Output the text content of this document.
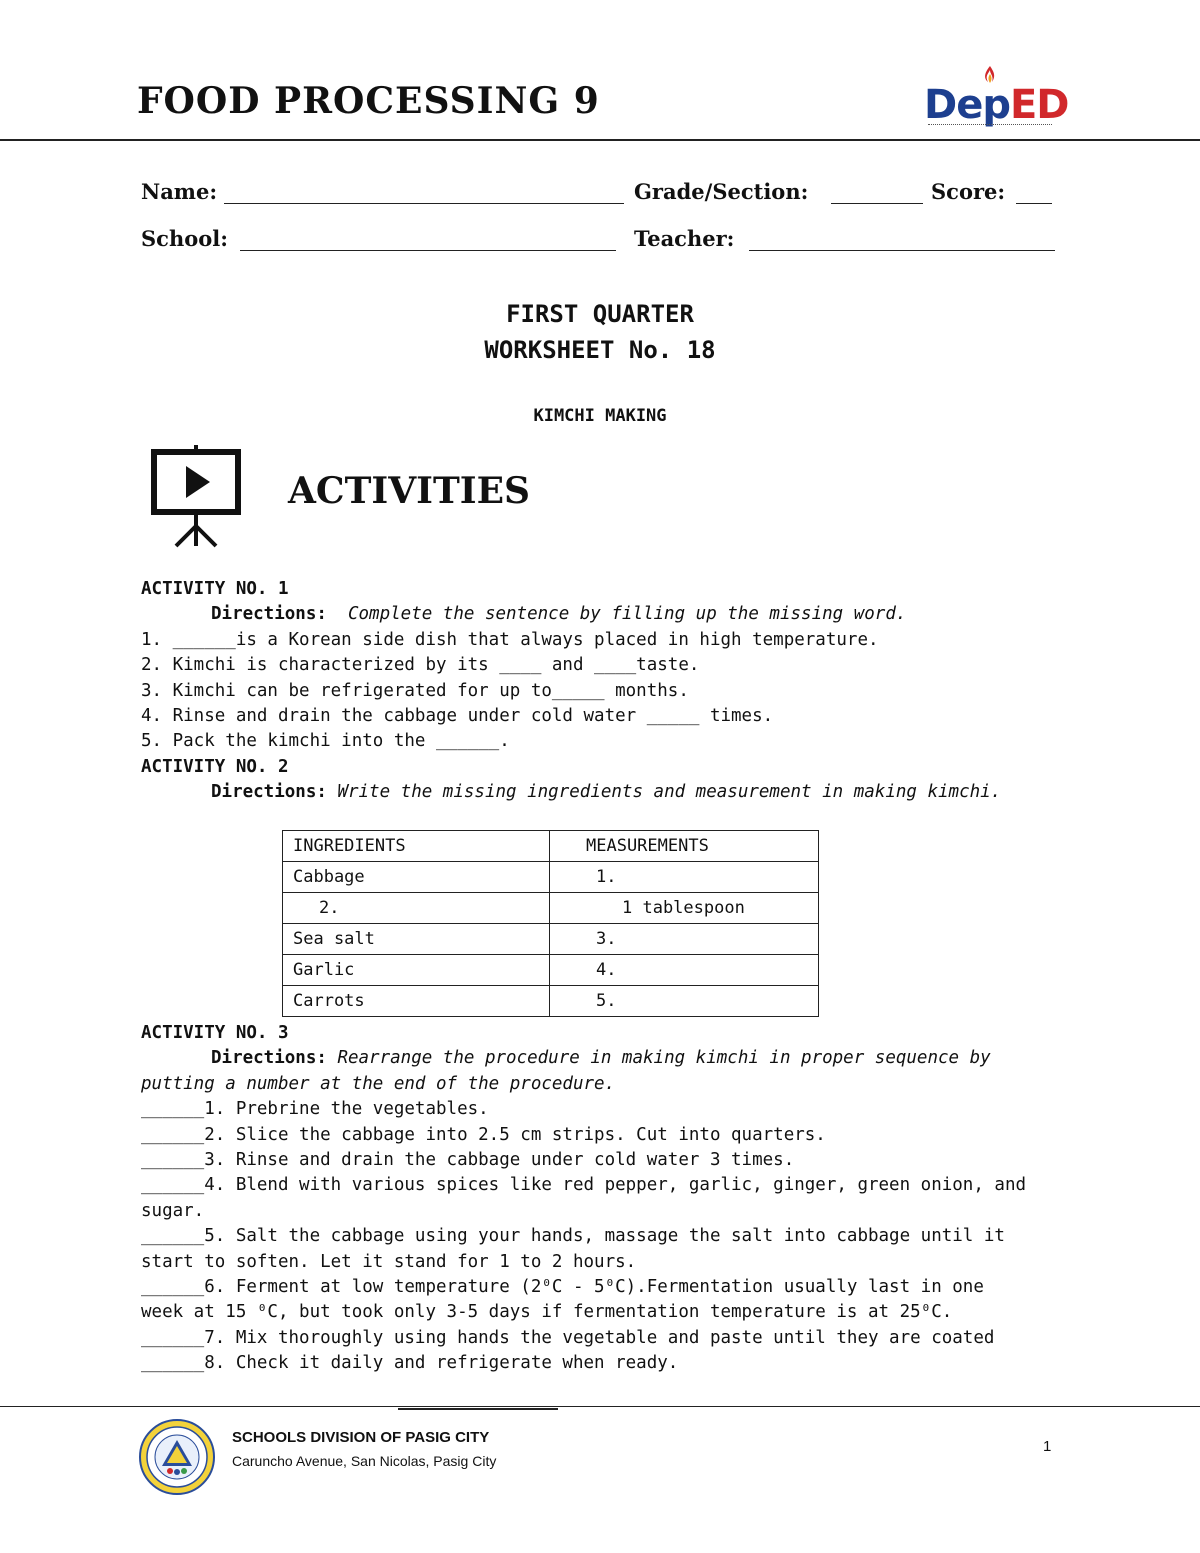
FOOD PROCESSING 9	DepED
Name:	Grade/Section:	Score:
School:	Teacher:
FIRST QUARTER
WORKSHEET No. 18
KIMCHI MAKING
ACTIVITIES
ACTIVITY NO. 1
Directions: Complete the sentence by filling up the missing word.
1. ______is a Korean side dish that always placed in high temperature.
2. Kimchi is characterized by its ____ and ____taste.
3. Kimchi can be refrigerated for up to_____ months.
4. Rinse and drain the cabbage under cold water _____ times.
5. Pack the kimchi into the ______.
ACTIVITY NO. 2
Directions: Write the missing ingredients and measurement in making kimchi.
INGREDIENTS	MEASUREMENTS
Cabbage	1.
2.	1 tablespoon
Sea salt	3.
Garlic	4.
Carrots	5.
ACTIVITY NO. 3
Directions: Rearrange the procedure in making kimchi in proper sequence by
putting a number at the end of the procedure.
______1. Prebrine the vegetables.
______2. Slice the cabbage into 2.5 cm strips. Cut into quarters.
______3. Rinse and drain the cabbage under cold water 3 times.
______4. Blend with various spices like red pepper, garlic, ginger, green onion, and
sugar.
______5. Salt the cabbage using your hands, massage the salt into cabbage until it
start to soften. Let it stand for 1 to 2 hours.
______6. Ferment at low temperature (2⁰C - 5⁰C).Fermentation usually last in one
week at 15 ⁰C, but took only 3-5 days if fermentation temperature is at 25⁰C.
______7. Mix thoroughly using hands the vegetable and paste until they are coated
______8. Check it daily and refrigerate when ready.
SCHOOLS DIVISION OF PASIG CITY
Caruncho Avenue, San Nicolas, Pasig City
1
